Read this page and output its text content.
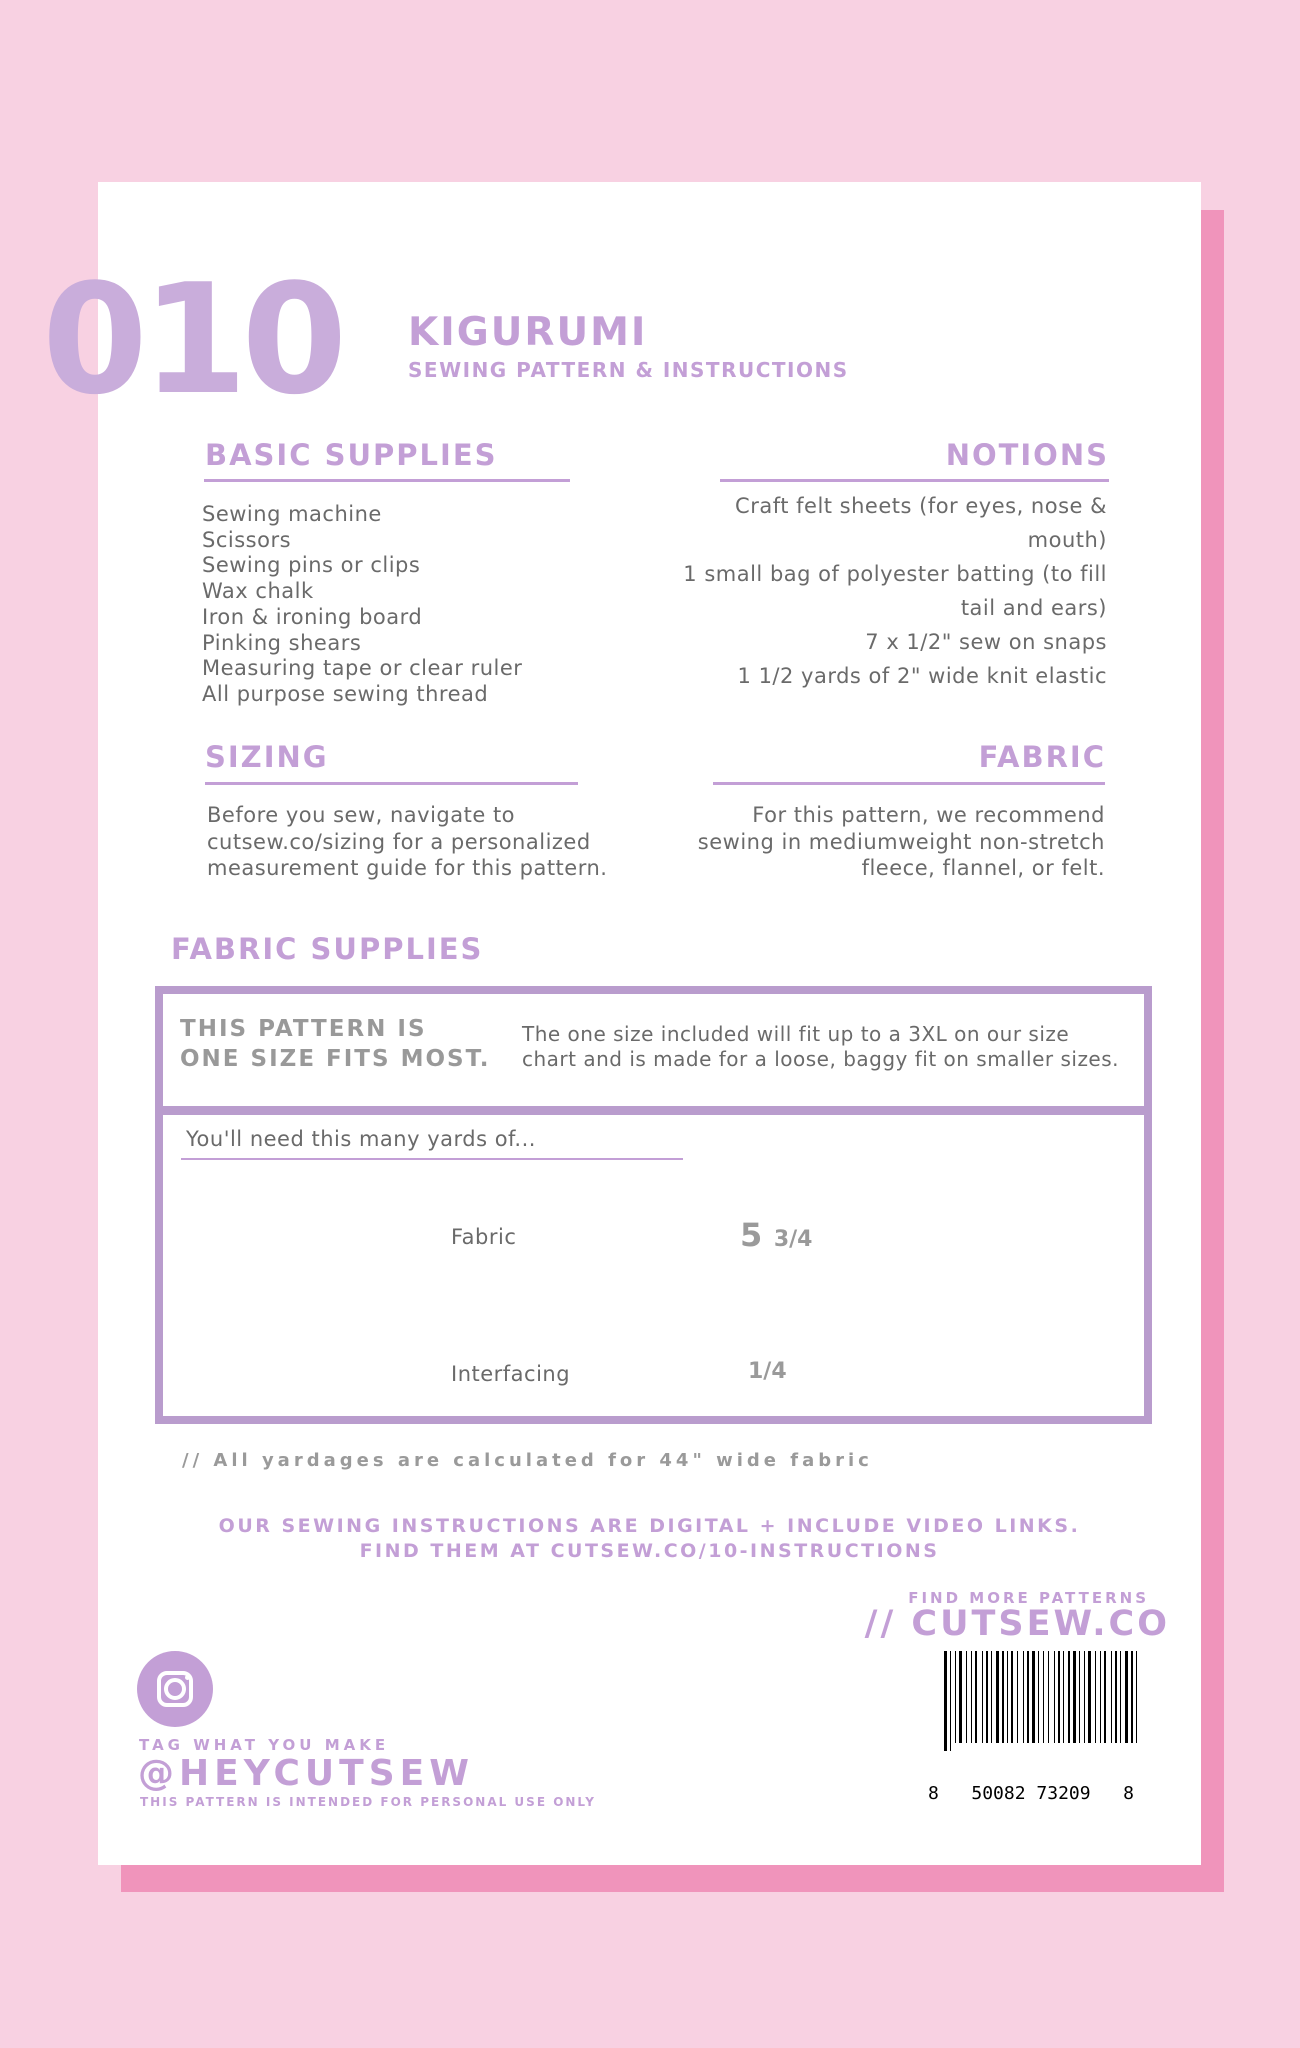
010 KIGURUMI
SEWING PATTERN & INSTRUCTIONS
BASIC SUPPLIES
Sewing machine
Scissors
Sewing pins or clips
Wax chalk
Iron & ironing board
Pinking shears
Measuring tape or clear ruler
All purpose sewing thread
NOTIONS
Craft felt sheets (for eyes, nose &
mouth)
1 small bag of polyester batting (to fill
tail and ears)
7 x 1/2" sew on snaps
1 1/2 yards of 2" wide knit elastic
SIZING
Before you sew, navigate to
cutsew.co/sizing for a personalized
measurement guide for this pattern.
FABRIC
For this pattern, we recommend
sewing in mediumweight non-stretch
fleece, flannel, or felt.
FABRIC SUPPLIES
THIS PATTERN IS
ONE SIZE FITS MOST.
The one size included will fit up to a 3XL on our size
chart and is made for a loose, baggy fit on smaller sizes.
You'll need this many yards of...
Fabric	5 3/4
Interfacing	1/4
// All yardages are calculated for 44" wide fabric
OUR SEWING INSTRUCTIONS ARE DIGITAL + INCLUDE VIDEO LINKS.
FIND THEM AT CUTSEW.CO/10-INSTRUCTIONS
TAG WHAT YOU MAKE
@HEYCUTSEW
THIS PATTERN IS INTENDED FOR PERSONAL USE ONLY
FIND MORE PATTERNS
// CUTSEW.CO
8 50082 73209 8
